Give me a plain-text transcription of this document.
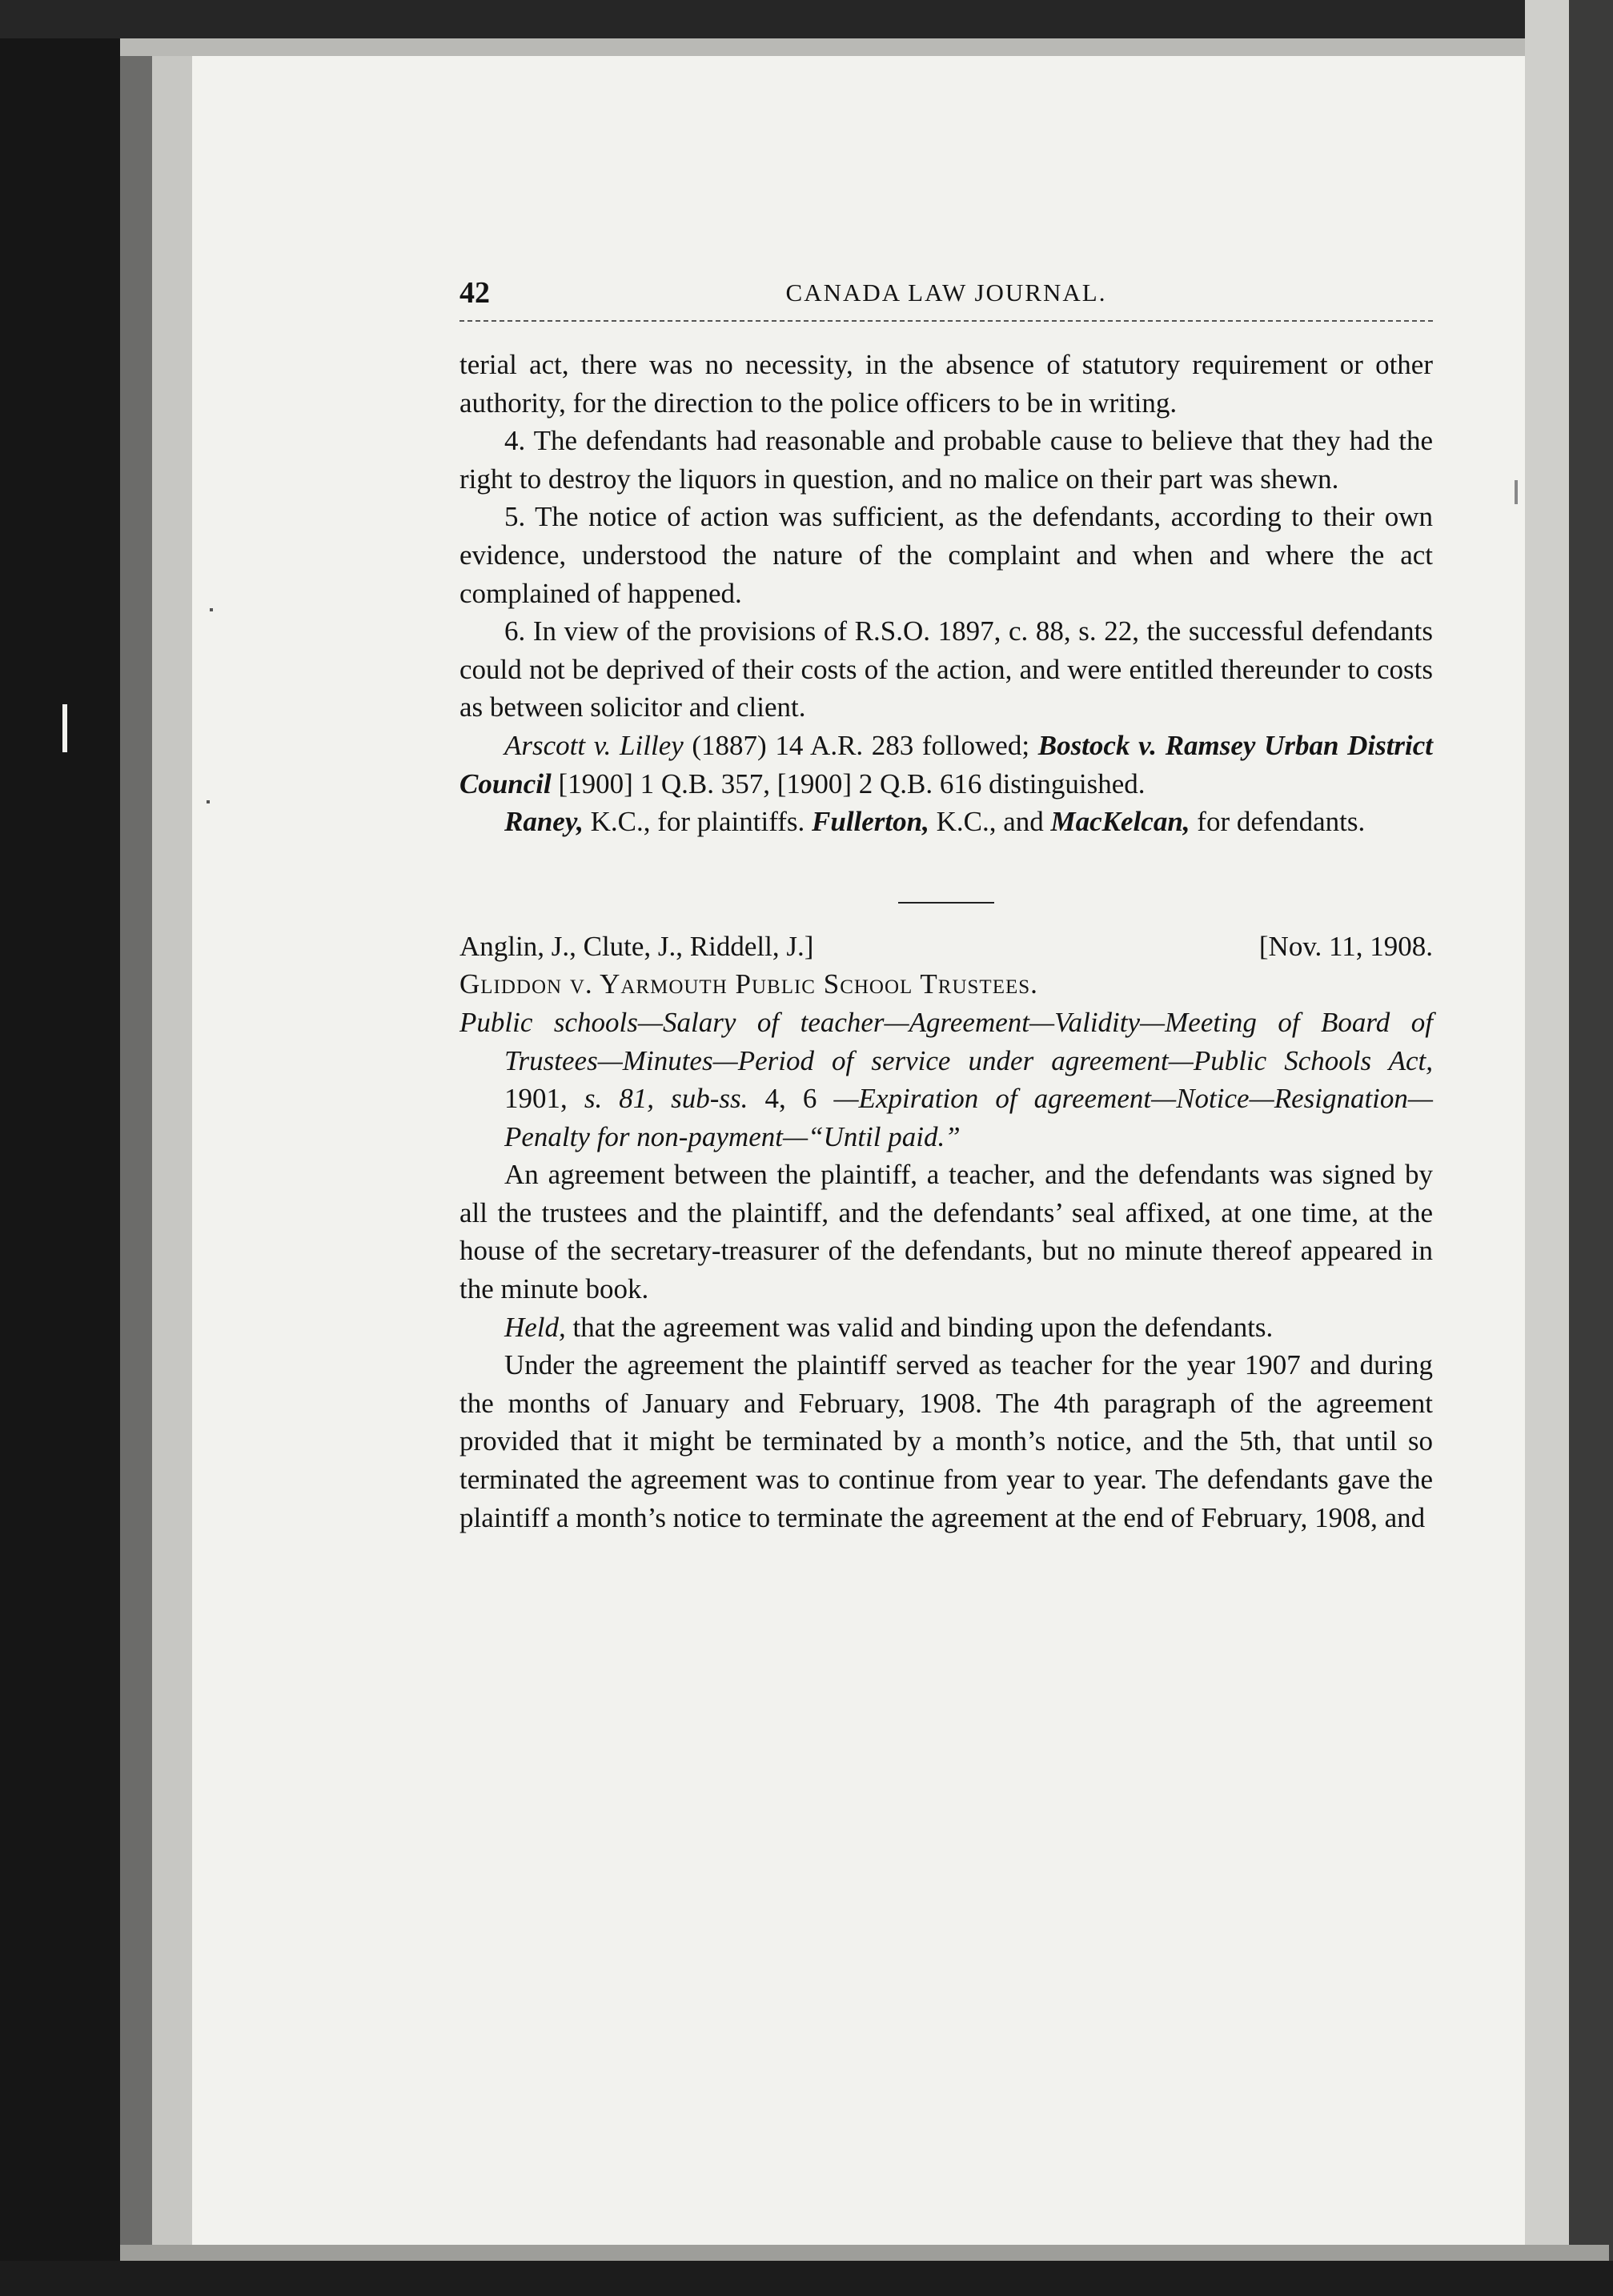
42	CANADA LAW JOURNAL.

terial act, there was no necessity, in the absence of statutory requirement or other authority, for the direction to the police officers to be in writing.

4. The defendants had reasonable and probable cause to believe that they had the right to destroy the liquors in question, and no malice on their part was shewn.

5. The notice of action was sufficient, as the defendants, according to their own evidence, understood the nature of the complaint and when and where the act complained of happened.

6. In view of the provisions of R.S.O. 1897, c. 88, s. 22, the successful defendants could not be deprived of their costs of the action, and were entitled thereunder to costs as between solicitor and client.

Arscott v. Lilley (1887) 14 A.R. 283 followed; Bostock v. Ramsey Urban District Council [1900] 1 Q.B. 357, [1900] 2 Q.B. 616 distinguished.

Raney, K.C., for plaintiffs. Fullerton, K.C., and MacKelcan, for defendants.

Anglin, J., Clute, J., Riddell, J.]	[Nov. 11, 1908.

Gliddon v. Yarmouth Public School Trustees.

Public schools—Salary of teacher—Agreement—Validity—Meeting of Board of Trustees—Minutes—Period of service under agreement—Public Schools Act, 1901, s. 81, sub-ss. 4, 6 —Expiration of agreement—Notice—Resignation—Penalty for non-payment—“Until paid.”

An agreement between the plaintiff, a teacher, and the defendants was signed by all the trustees and the plaintiff, and the defendants’ seal affixed, at one time, at the house of the secretary-treasurer of the defendants, but no minute thereof appeared in the minute book.

Held, that the agreement was valid and binding upon the defendants.

Under the agreement the plaintiff served as teacher for the year 1907 and during the months of January and February, 1908. The 4th paragraph of the agreement provided that it might be terminated by a month’s notice, and the 5th, that until so terminated the agreement was to continue from year to year. The defendants gave the plaintiff a month’s notice to terminate the agreement at the end of February, 1908, and
